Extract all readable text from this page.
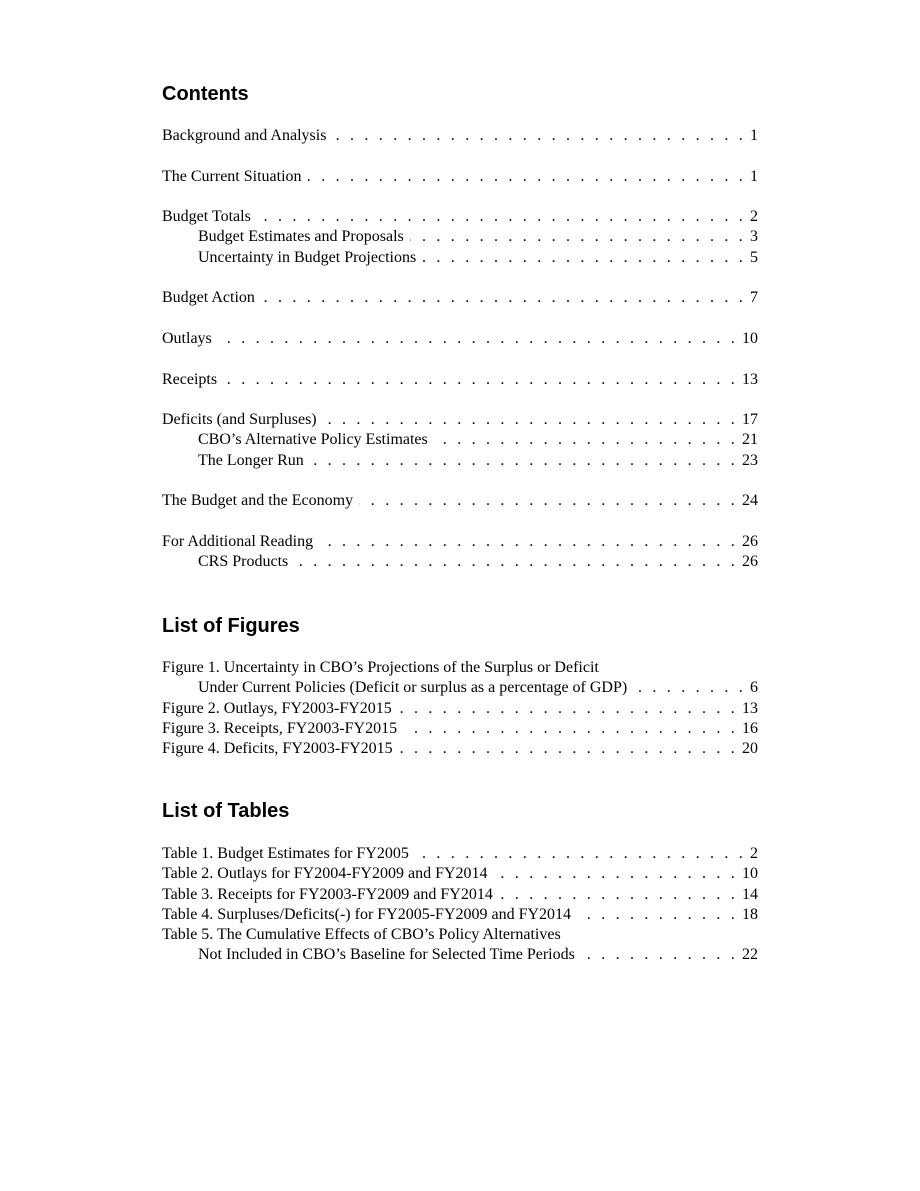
Contents
Background and Analysis . . .	1
The Current Situation . . .	1
Budget Totals . . .	2
Budget Estimates and Proposals . . .	3
Uncertainty in Budget Projections . . .	5
Budget Action . . .	7
Outlays . . .	10
Receipts . . .	13
Deficits (and Surpluses) . . .	17
CBO’s Alternative Policy Estimates . . .	21
The Longer Run . . .	23
The Budget and the Economy . . .	24
For Additional Reading . . .	26
CRS Products . . .	26
List of Figures
Figure 1. Uncertainty in CBO’s Projections of the Surplus or Deficit
Under Current Policies (Deficit or surplus as a percentage of GDP) . . .	6
Figure 2. Outlays, FY2003-FY2015 . . .	13
Figure 3. Receipts, FY2003-FY2015 . . .	16
Figure 4. Deficits, FY2003-FY2015 . . .	20
List of Tables
Table 1. Budget Estimates for FY2005 . . .	2
Table 2. Outlays for FY2004-FY2009 and FY2014 . . .	10
Table 3. Receipts for FY2003-FY2009 and FY2014 . . .	14
Table 4. Surpluses/Deficits(-) for FY2005-FY2009 and FY2014 . . .	18
Table 5. The Cumulative Effects of CBO’s Policy Alternatives
Not Included in CBO’s Baseline for Selected Time Periods . . .	22
